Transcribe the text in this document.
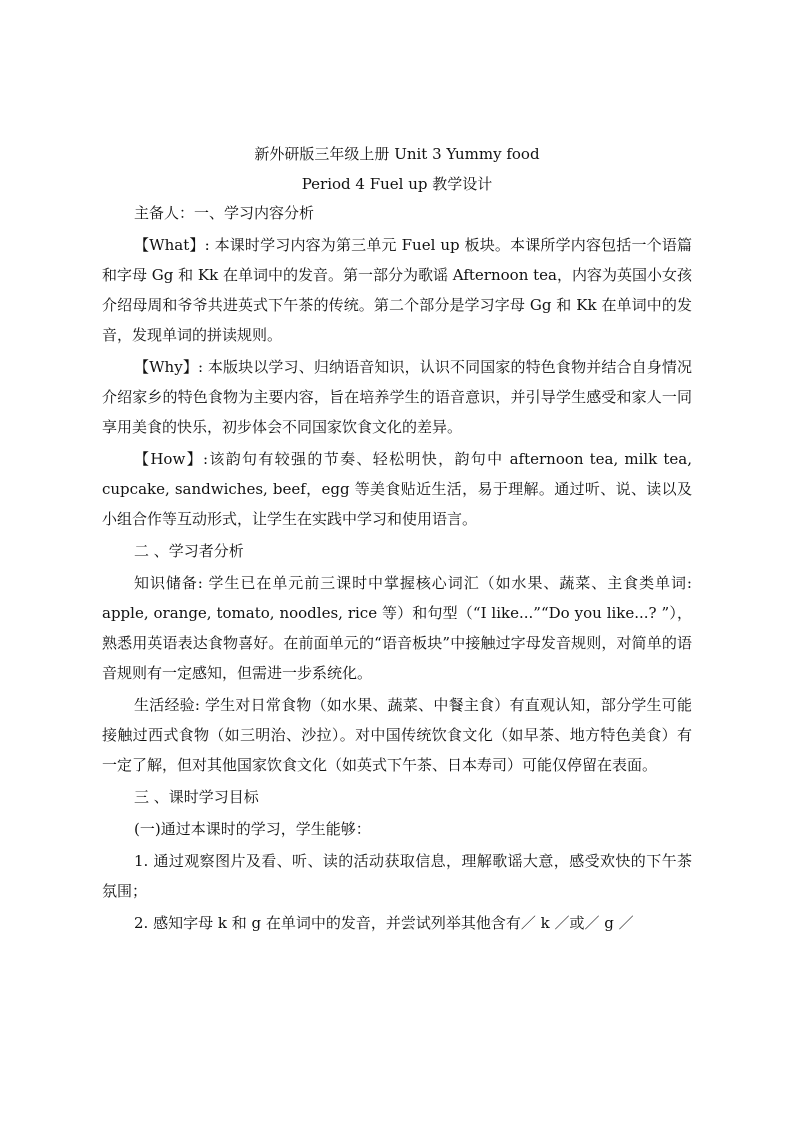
新外研版三年级上册 Unit 3 Yummy food

Period 4 Fuel up 教学设计

主备人：一、学习内容分析

【What】: 本课时学习内容为第三单元 Fuel up 板块。本课所学内容包括一个语篇和字母 Gg 和 Kk 在单词中的发音。第一部分为歌谣 Afternoon tea，内容为英国小女孩介绍母周和爷爷共进英式下午茶的传统。第二个部分是学习字母 Gg 和 Kk 在单词中的发音，发现单词的拼读规则。

【Why】: 本版块以学习、归纳语音知识，认识不同国家的特色食物并结合自身情况介绍家乡的特色食物为主要内容，旨在培养学生的语音意识，并引导学生感受和家人一同享用美食的快乐，初步体会不同国家饮食文化的差异。

【How】:该韵句有较强的节奏、轻松明快，韵句中 afternoon tea, milk tea, cupcake, sandwiches, beef，egg 等美食贴近生活，易于理解。通过听、说、读以及小组合作等互动形式，让学生在实践中学习和使用语言。

二 、学习者分析

知识储备: 学生已在单元前三课时中掌握核心词汇（如水果、蔬菜、主食类单词: apple, orange, tomato, noodles, rice 等）和句型（“I like...”“Do you like...? ”），熟悉用英语表达食物喜好。在前面单元的“语音板块”中接触过字母发音规则，对简单的语音规则有一定感知，但需进一步系统化。

生活经验: 学生对日常食物（如水果、蔬菜、中餐主食）有直观认知，部分学生可能接触过西式食物（如三明治、沙拉）。对中国传统饮食文化（如早茶、地方特色美食）有一定了解，但对其他国家饮食文化（如英式下午茶、日本寿司）可能仅停留在表面。

三 、课时学习目标

(一)通过本课时的学习，学生能够：

1. 通过观察图片及看、听、读的活动获取信息，理解歌谣大意，感受欢快的下午茶氛围；

2. 感知字母 k 和 g 在单词中的发音，并尝试列举其他含有／ k ／或／ g ／
